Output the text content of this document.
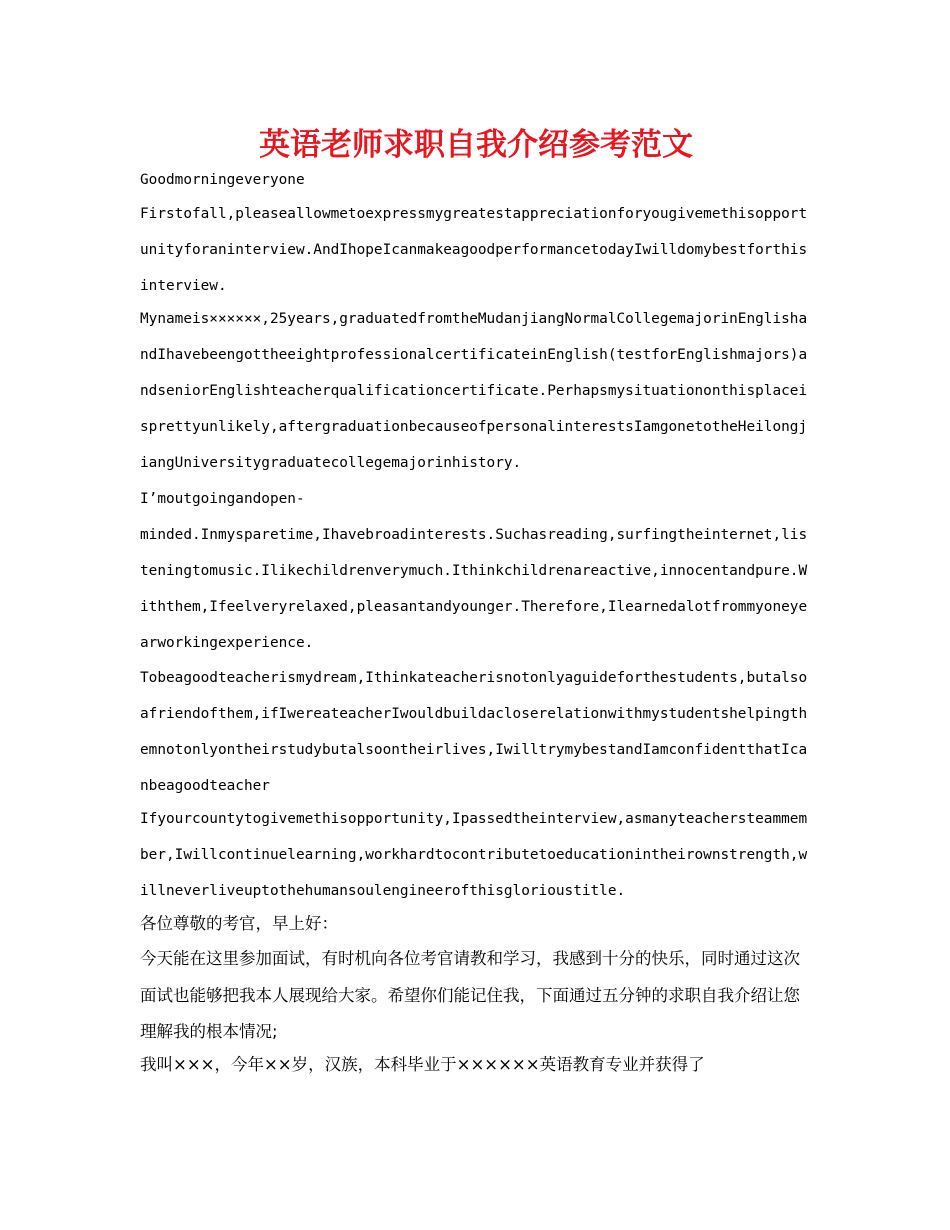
英语老师求职自我介绍参考范文

Goodmorningeveryone

Firstofall,pleaseallowmetoexpressmygreatestappreciationforyougivemethisopportunityforaninterview.AndIhopeIcanmakeagoodperformancetodayIwilldomybestforthisinterview.

Mynameis××××××,25years,graduatedfromtheMudanjiangNormalCollegemajorinEnglishandIhavebeengottheeightprofessionalcertificateinEnglish(testforEnglishmajors)andseniorEnglishteacherqualificationcertificate.Perhapsmysituationonthisplaceisprettyunlikely,aftergraduationbecauseofpersonalinterestsIamgonetotheHeilongjiangUniversitygraduatecollegemajorinhistory.

I’moutgoingandopen-

minded.Inmysparetime,Ihavebroadinterests.Suchasreading,surfingtheinternet,listeningtomusic.Ilikechildrenverymuch.Ithinkchildrenareactive,innocentandpure.Withthem,Ifeelveryrelaxed,pleasantandyounger.Therefore,Ilearnedalotfrommyoneyearworkingexperience.

Tobeagoodteacherismydream,Ithinkateacherisnotonlyaguideforthestudents,butalsoafriendofthem,ifIwereateacherIwouldbuildacloserelationwithmystudentshelpingthemnotonlyontheirstudybutalsoontheirlives,IwilltrymybestandIamconfidentthatIcanbeagoodteacher

Ifyourcountytogivemethisopportunity,Ipassedtheinterview,asmanyteachersteammember,Iwillcontinuelearning,workhardtocontributetoeducationintheirownstrength,willneverliveuptothehumansoulengineerofthisglorioustitle.

各位尊敬的考官，早上好：

今天能在这里参加面试，有时机向各位考官请教和学习，我感到十分的快乐，同时通过这次面试也能够把我本人展现给大家。希望你们能记住我，下面通过五分钟的求职自我介绍让您理解我的根本情况;

我叫×××，今年××岁，汉族，本科毕业于××××××英语教育专业并获得了
